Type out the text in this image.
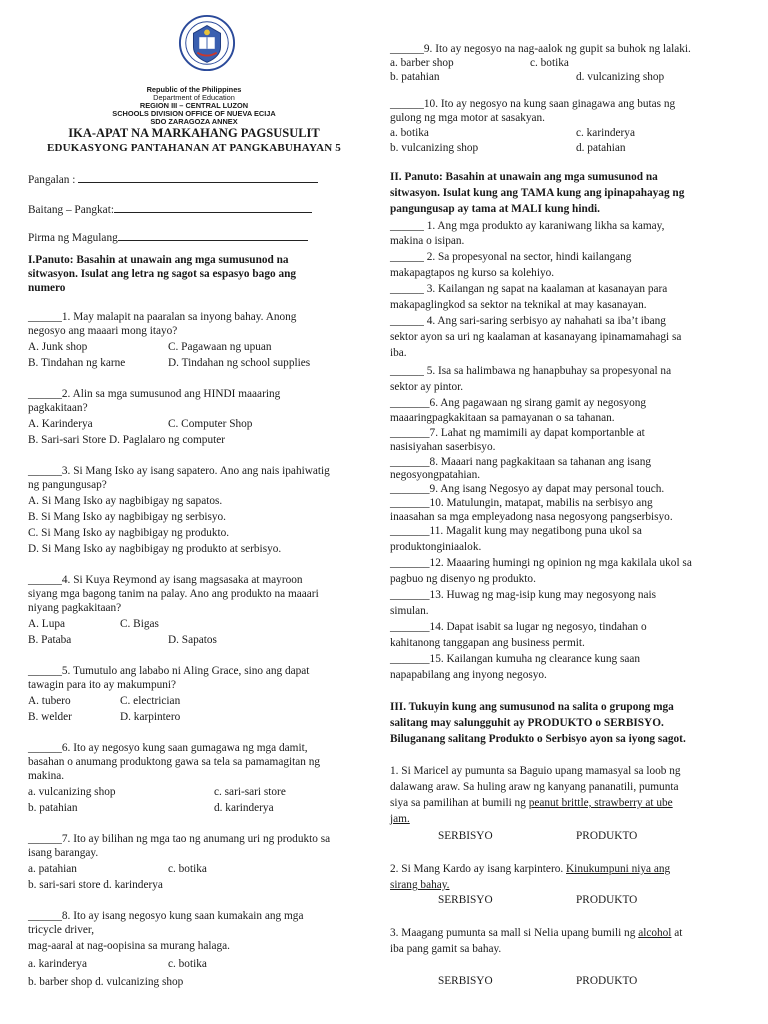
Republic of the Philippines
Department of Education
REGION III – CENTRAL LUZON
SCHOOLS DIVISION OFFICE OF NUEVA ECIJA
SDO ZARAGOZA ANNEX
IKA-APAT NA MARKAHANG PAGSUSULIT
EDUKASYONG PANTAHANAN AT PANGKABUHAYAN 5
Pangalan :
Baitang – Pangkat:
Pirma ng Magulang
I.Panuto: Basahin at unawain ang mga sumusunod na
sitwasyon. Isulat ang letra ng sagot sa espasyo bago ang
numero
______1. May malapit na paaralan sa inyong bahay. Anong
negosyo ang maaari mong itayo?
A. Junk shop	C. Pagawaan ng upuan
B. Tindahan ng karne	D. Tindahan ng school supplies
______2. Alin sa mga sumusunod ang HINDI maaaring
pagkakitaan?
A. Karinderya	C. Computer Shop
B. Sari-sari Store D. Paglalaro ng computer
______3. Si Mang Isko ay isang sapatero. Ano ang nais ipahiwatig
ng pangungusap?
A. Si Mang Isko ay nagbibigay ng sapatos.
B. Si Mang Isko ay nagbibigay ng serbisyo.
C. Si Mang Isko ay nagbibigay ng produkto.
D. Si Mang Isko ay nagbibigay ng produkto at serbisyo.
______4. Si Kuya Reymond ay isang magsasaka at mayroon
siyang mga bagong tanim na palay. Ano ang produkto na maaari
niyang pagkakitaan?
A. Lupa	C. Bigas
B. Pataba	D. Sapatos
______5. Tumutulo ang lababo ni Aling Grace, sino ang dapat
tawagin para ito ay makumpuni?
A. tubero	C. electrician
B. welder	D. karpintero
______6. Ito ay negosyo kung saan gumagawa ng mga damit,
basahan o anumang produktong gawa sa tela sa pamamagitan ng
makina.
a. vulcanizing shop	c. sari-sari store
b. patahian	d. karinderya
______7. Ito ay bilihan ng mga tao ng anumang uri ng produkto sa
isang barangay.
a. patahian	c. botika
b. sari-sari store d. karinderya
______8. Ito ay isang negosyo kung saan kumakain ang mga
tricycle driver,
mag-aaral at nag-oopisina sa murang halaga.
a. karinderya	c. botika
b. barber shop d. vulcanizing shop
______9. Ito ay negosyo na nag-aalok ng gupit sa buhok ng lalaki.
a. barber shop	c. botika
b. patahian	d. vulcanizing shop
______10. Ito ay negosyo na kung saan ginagawa ang butas ng
gulong ng mga motor at sasakyan.
a. botika	c. karinderya
b. vulcanizing shop	d. patahian
II. Panuto: Basahin at unawain ang mga sumusunod na
sitwasyon. Isulat kung ang TAMA kung ang ipinapahayag ng
pangungusap ay tama at MALI kung hindi.
______ 1. Ang mga produkto ay karaniwang likha sa kamay,
makina o isipan.
______ 2. Sa propesyonal na sector, hindi kailangang
makapagtapos ng kurso sa kolehiyo.
______ 3. Kailangan ng sapat na kaalaman at kasanayan para
makapaglingkod sa sektor na teknikal at may kasanayan.
______ 4. Ang sari-saring serbisyo ay nahahati sa iba’t ibang
sektor ayon sa uri ng kaalaman at kasanayang ipinamamahagi sa
iba.
______ 5. Isa sa halimbawa ng hanapbuhay sa propesyonal na
sektor ay pintor.
_______6. Ang pagawaan ng sirang gamit ay negosyong
maaaringpagkakitaan sa pamayanan o sa tahanan.
_______7. Lahat ng mamimili ay dapat komportanble at
nasisiyahan saserbisyo.
_______8. Maaari nang pagkakitaan sa tahanan ang isang
negosyongpatahian.
_______9. Ang isang Negosyo ay dapat may personal touch.
_______10. Matulungin, matapat, mabilis na serbisyo ang
inaasahan sa mga empleyadong nasa negosyong pangserbisyo.
_______11. Magalit kung may negatibong puna ukol sa
produktonginiaalok.
_______12. Maaaring humingi ng opinion ng mga kakilala ukol sa
pagbuo ng disenyo ng produkto.
_______13. Huwag ng mag-isip kung may negosyong nais
simulan.
_______14. Dapat isabit sa lugar ng negosyo, tindahan o
kahitanong tanggapan ang business permit.
_______15. Kailangan kumuha ng clearance kung saan
napapabilang ang inyong negosyo.
III. Tukuyin kung ang sumusunod na salita o grupong mga
salitang may salungguhit ay PRODUKTO o SERBISYO.
Biluganang salitang Produkto o Serbisyo ayon sa iyong sagot.
1. Si Maricel ay pumunta sa Baguio upang mamasyal sa loob ng
dalawang araw. Sa huling araw ng kanyang pananatili, pumunta
siya sa pamilihan at bumili ng peanut brittle, strawberry at ube
jam.
SERBISYO	PRODUKTO
2. Si Mang Kardo ay isang karpintero. Kinukumpuni niya ang
sirang bahay.
SERBISYO	PRODUKTO
3. Maagang pumunta sa mall si Nelia upang bumili ng alcohol at
iba pang gamit sa bahay.
SERBISYO	PRODUKTO
